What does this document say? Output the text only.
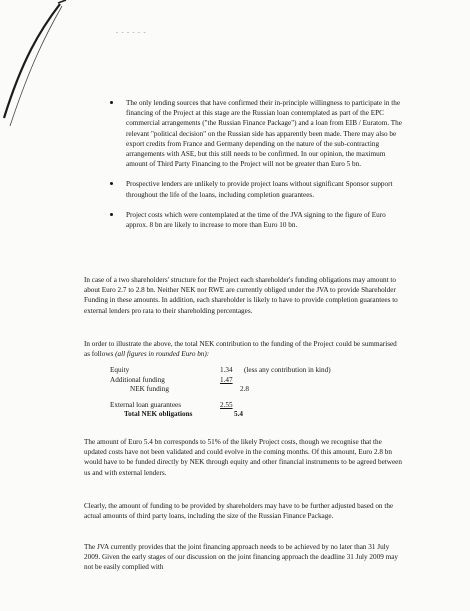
- - - - - -
The only lending sources that have confirmed their in-principle willingness to participate in the financing of the Project at this stage are the Russian loan contemplated as part of the EPC commercial arrangements ("the Russian Finance Package") and a loan from EIB / Euratom. The relevant "political decision" on the Russian side has apparently been made. There may also be export credits from France and Germany depending on the nature of the sub-contracting arrangements with ASE, but this still needs to be confirmed. In our opinion, the maximum amount of Third Party Financing to the Project will not be greater than Euro 5 bn.
Prospective lenders are unlikely to provide project loans without significant Sponsor support throughout the life of the loans, including completion guarantees.
Project costs which were contemplated at the time of the JVA signing to the figure of Euro approx. 8 bn are likely to increase to more than Euro 10 bn.
In case of a two shareholders' structure for the Project each shareholder's funding obligations may amount to about Euro 2.7 to 2.8 bn. Neither NEK nor RWE are currently obliged under the JVA to provide Shareholder Funding in these amounts. In addition, each shareholder is likely to have to provide completion guarantees to external lenders pro rata to their shareholding percentages.
In order to illustrate the above, the total NEK contribution to the funding of the Project could be summarised as follows (all figures in rounded Euro bn):
Equity	1.34	(less any contribution in kind)
Additional funding	1.47
NEK funding	2.8
External loan guarantees	2.55
Total NEK obligations	5.4
The amount of Euro 5.4 bn corresponds to 51% of the likely Project costs, though we recognise that the updated costs have not been validated and could evolve in the coming months. Of this amount, Euro 2.8 bn would have to be funded directly by NEK through equity and other financial instruments to be agreed between us and with external lenders.
Clearly, the amount of funding to be provided by shareholders may have to be further adjusted based on the actual amounts of third party loans, including the size of the Russian Finance Package.
The JVA currently provides that the joint financing approach needs to be achieved by no later than 31 July 2009. Given the early stages of our discussion on the joint financing approach the deadline 31 July 2009 may not be easily complied with
